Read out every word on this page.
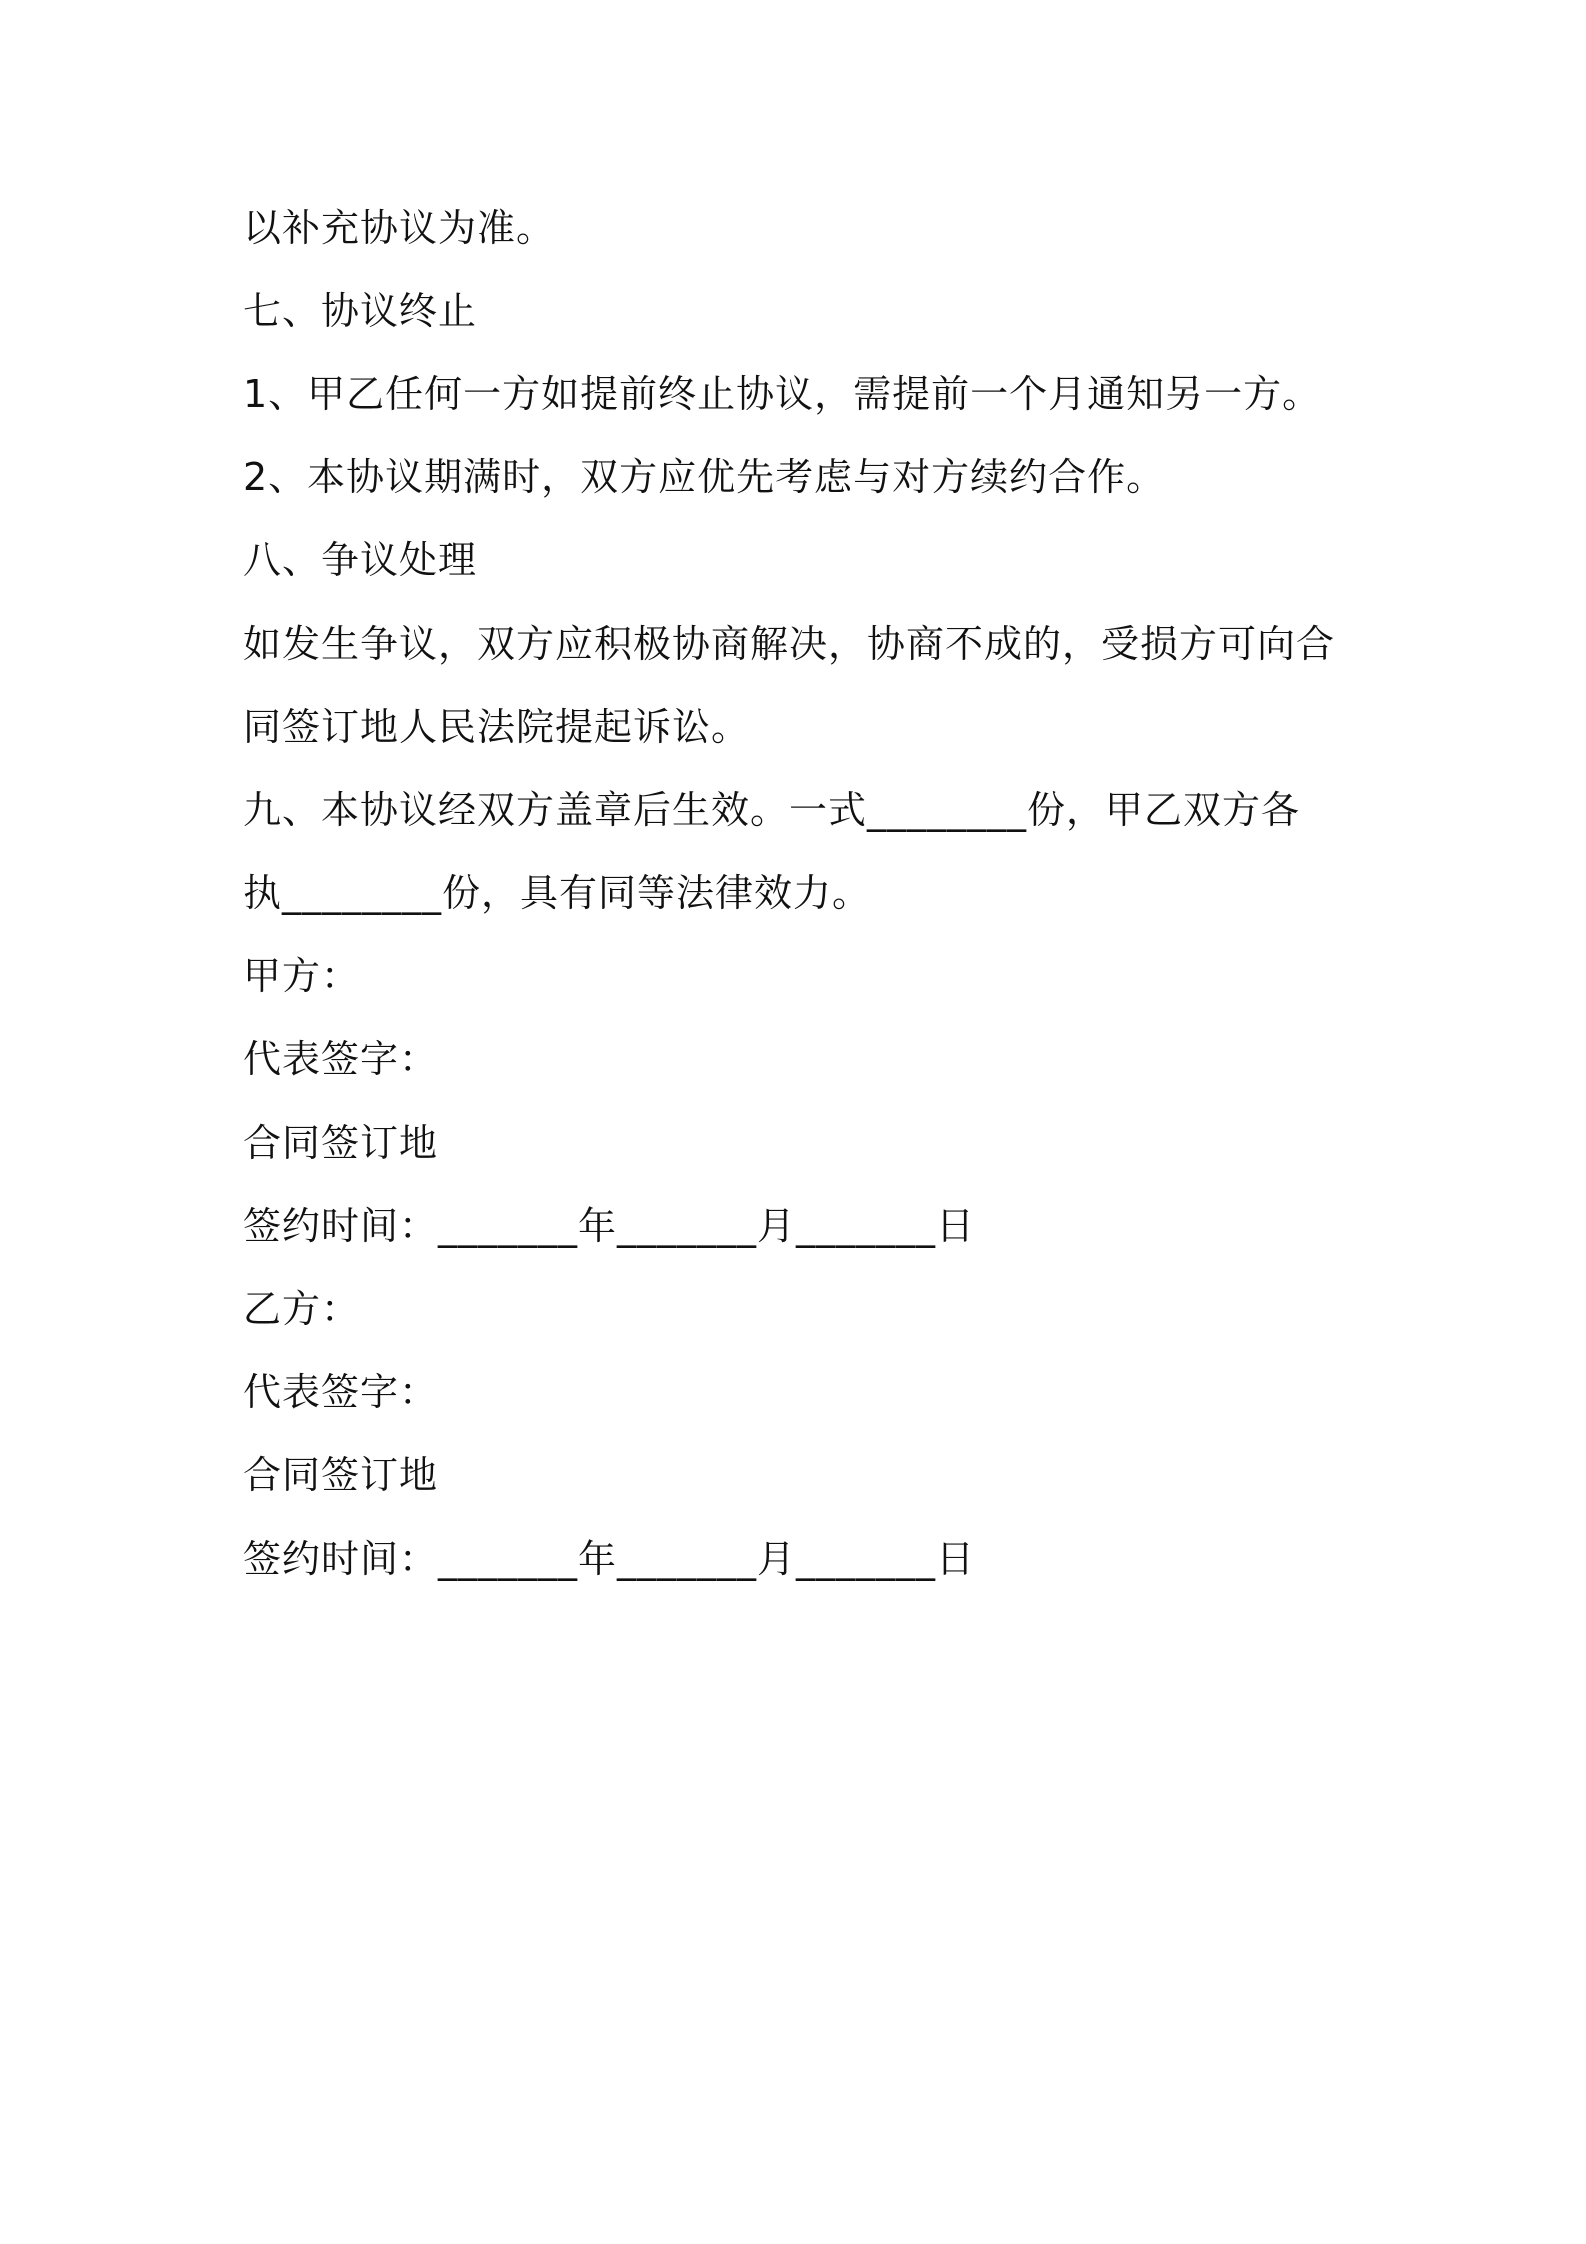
以补充协议为准。

七、协议终止

1、甲乙任何一方如提前终止协议，需提前一个月通知另一方。

2、本协议期满时，双方应优先考虑与对方续约合作。

八、争议处理

如发生争议，双方应积极协商解决，协商不成的，受损方可向合

同签订地人民法院提起诉讼。

九、本协议经双方盖章后生效。一式________份，甲乙双方各

执________份，具有同等法律效力。

甲方：

代表签字：

合同签订地

签约时间：_______年_______月_______日

乙方：

代表签字：

合同签订地

签约时间：_______年_______月_______日
